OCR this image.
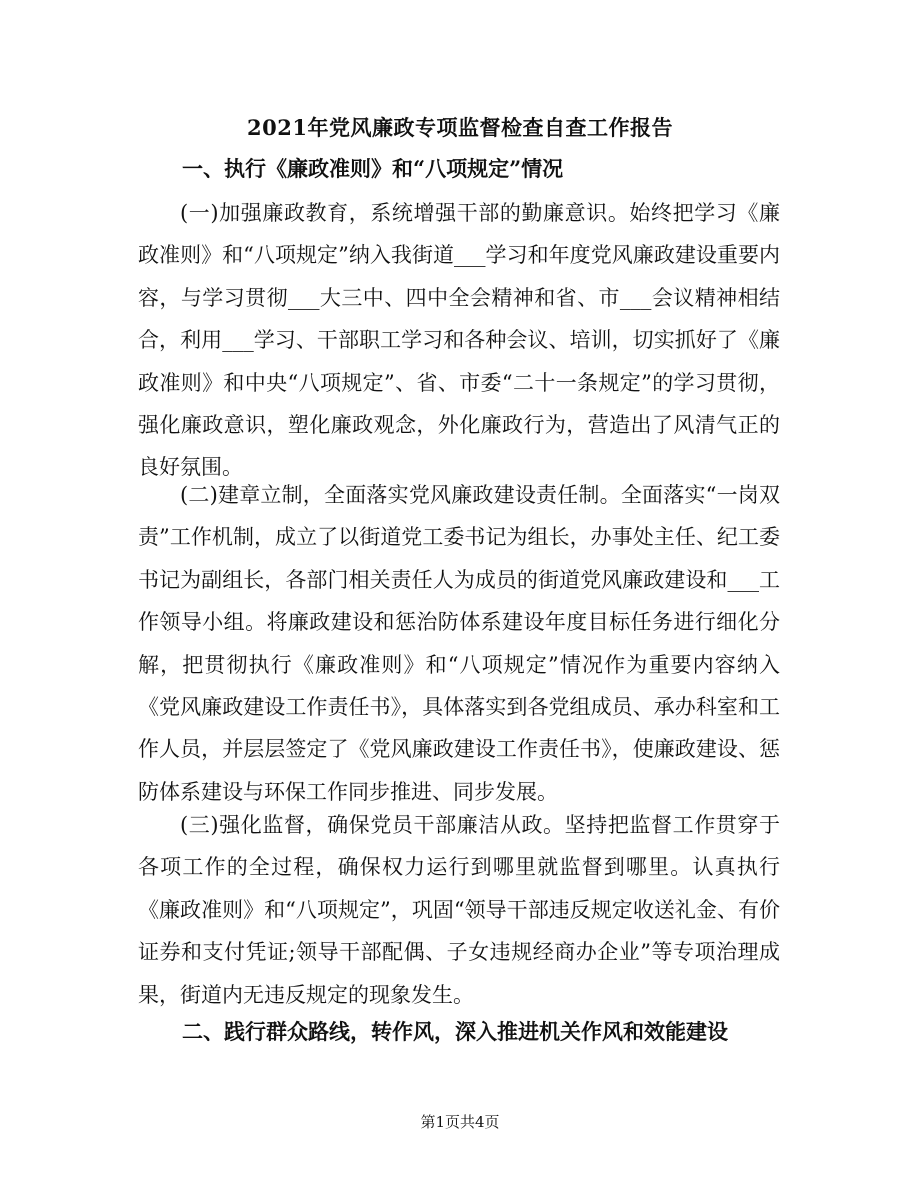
2021年党风廉政专项监督检查自查工作报告
一、执行《廉政准则》和“八项规定”情况
(一)加强廉政教育，系统增强干部的勤廉意识。始终把学习《廉政准则》和“八项规定”纳入我街道___学习和年度党风廉政建设重要内容，与学习贯彻___大三中、四中全会精神和省、市___会议精神相结合，利用___学习、干部职工学习和各种会议、培训，切实抓好了《廉政准则》和中央“八项规定”、省、市委“二十一条规定”的学习贯彻，强化廉政意识，塑化廉政观念，外化廉政行为，营造出了风清气正的良好氛围。
(二)建章立制，全面落实党风廉政建设责任制。全面落实“一岗双责”工作机制，成立了以街道党工委书记为组长，办事处主任、纪工委书记为副组长，各部门相关责任人为成员的街道党风廉政建设和___工作领导小组。将廉政建设和惩治防体系建设年度目标任务进行细化分解，把贯彻执行《廉政准则》和“八项规定”情况作为重要内容纳入《党风廉政建设工作责任书》，具体落实到各党组成员、承办科室和工作人员，并层层签定了《党风廉政建设工作责任书》，使廉政建设、惩防体系建设与环保工作同步推进、同步发展。
(三)强化监督，确保党员干部廉洁从政。坚持把监督工作贯穿于各项工作的全过程，确保权力运行到哪里就监督到哪里。认真执行《廉政准则》和“八项规定”，巩固“领导干部违反规定收送礼金、有价证券和支付凭证;领导干部配偶、子女违规经商办企业”等专项治理成果，街道内无违反规定的现象发生。
二、践行群众路线，转作风，深入推进机关作风和效能建设
第1页共4页
